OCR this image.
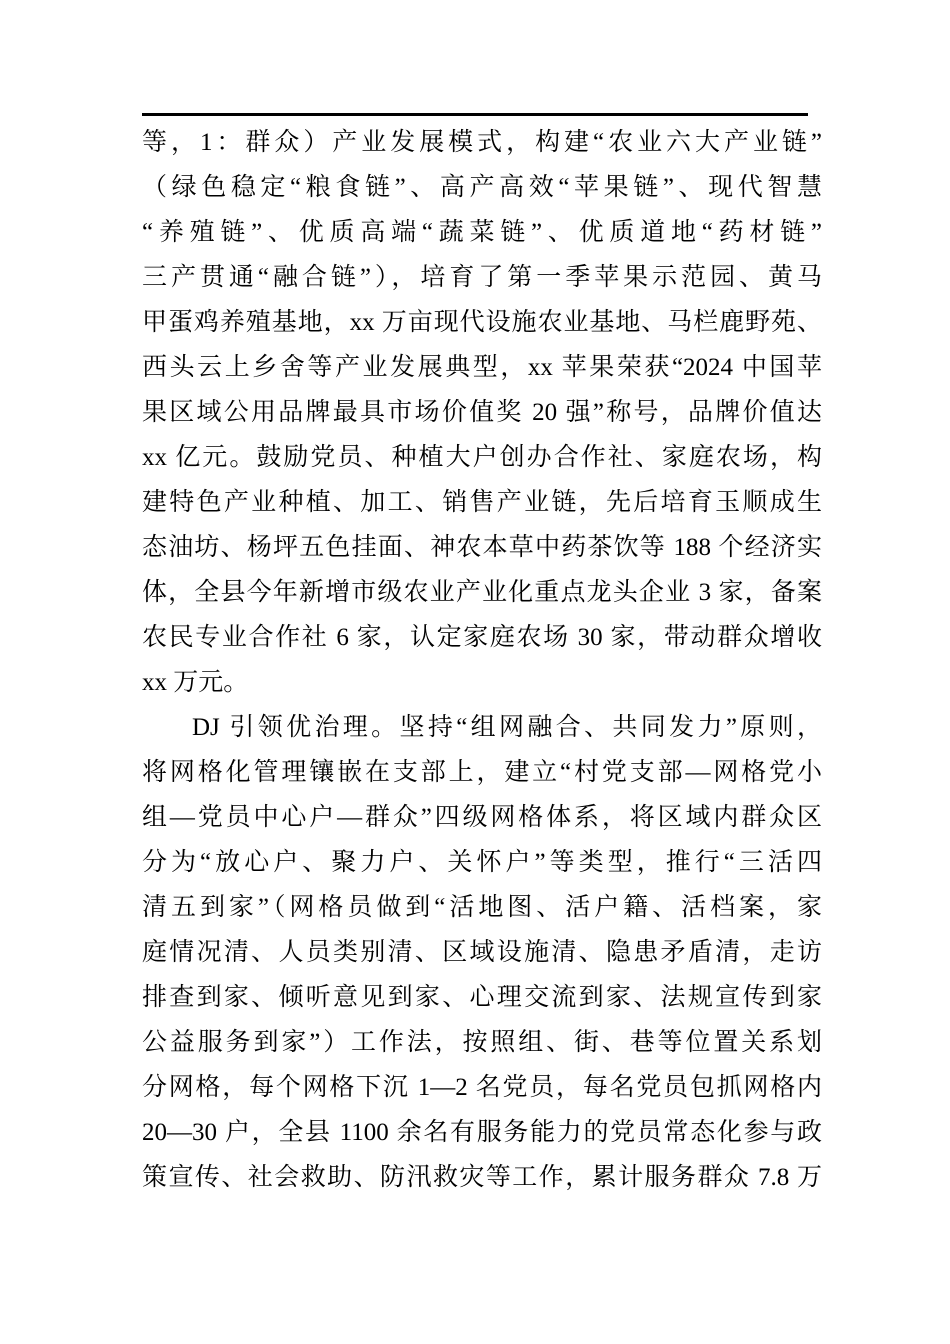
等，1：群众）产业发展模式，构建“农业六大产业链”
（绿色稳定“粮食链”、高产高效“苹果链”、现代智慧
“养殖链”、优质高端“蔬菜链”、优质道地“药材链”
三产贯通“融合链”），培育了第一季苹果示范园、黄马
甲蛋鸡养殖基地，xx 万亩现代设施农业基地、马栏鹿野苑、
西头云上乡舍等产业发展典型，xx 苹果荣获“2024 中国苹
果区域公用品牌最具市场价值奖 20 强”称号，品牌价值达
xx 亿元。鼓励党员、种植大户创办合作社、家庭农场，构
建特色产业种植、加工、销售产业链，先后培育玉顺成生
态油坊、杨坪五色挂面、神农本草中药茶饮等 188 个经济实
体，全县今年新增市级农业产业化重点龙头企业 3 家，备案
农民专业合作社 6 家，认定家庭农场 30 家，带动群众增收
xx 万元。
DJ 引领优治理。坚持“组网融合、共同发力”原则，
将网格化管理镶嵌在支部上，建立“村党支部—网格党小
组—党员中心户—群众”四级网格体系，将区域内群众区
分为“放心户、聚力户、关怀户”等类型，推行“三活四
清五到家”（网格员做到“活地图、活户籍、活档案，家
庭情况清、人员类别清、区域设施清、隐患矛盾清，走访
排查到家、倾听意见到家、心理交流到家、法规宣传到家
公益服务到家”）工作法，按照组、街、巷等位置关系划
分网格，每个网格下沉 1—2 名党员，每名党员包抓网格内
20—30 户，全县 1100 余名有服务能力的党员常态化参与政
策宣传、社会救助、防汛救灾等工作，累计服务群众 7.8 万
